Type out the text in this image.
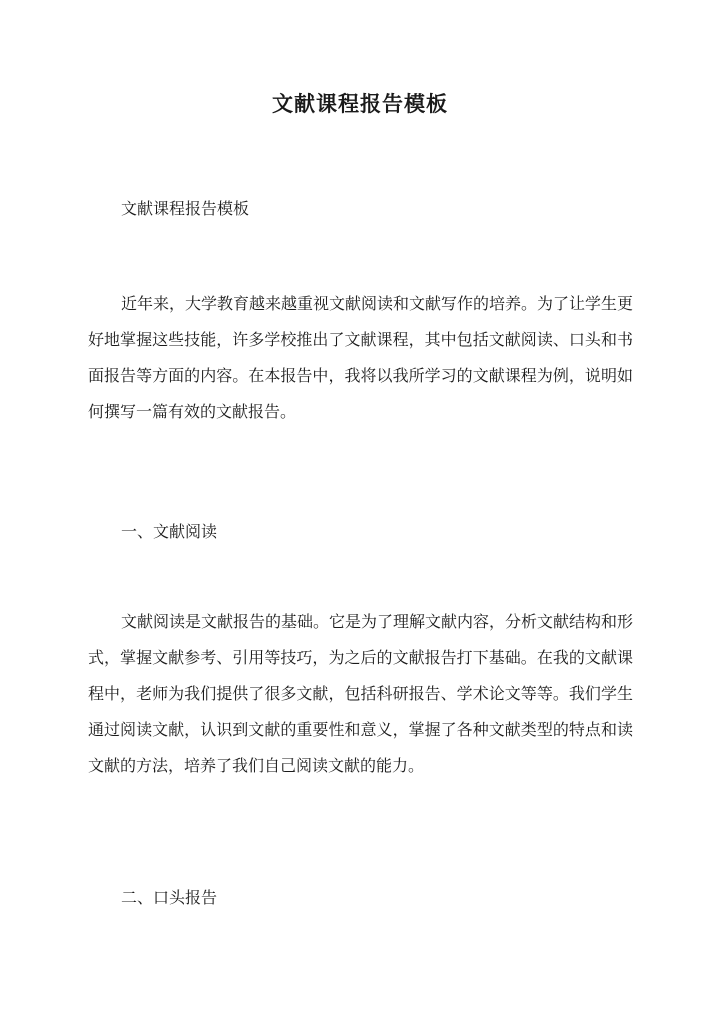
文献课程报告模板

文献课程报告模板

近年来，大学教育越来越重视文献阅读和文献写作的培养。为了让学生更好地掌握这些技能，许多学校推出了文献课程，其中包括文献阅读、口头和书面报告等方面的内容。在本报告中，我将以我所学习的文献课程为例，说明如何撰写一篇有效的文献报告。

一、文献阅读

文献阅读是文献报告的基础。它是为了理解文献内容，分析文献结构和形式，掌握文献参考、引用等技巧，为之后的文献报告打下基础。在我的文献课程中，老师为我们提供了很多文献，包括科研报告、学术论文等等。我们学生通过阅读文献，认识到文献的重要性和意义，掌握了各种文献类型的特点和读文献的方法，培养了我们自己阅读文献的能力。

二、口头报告
